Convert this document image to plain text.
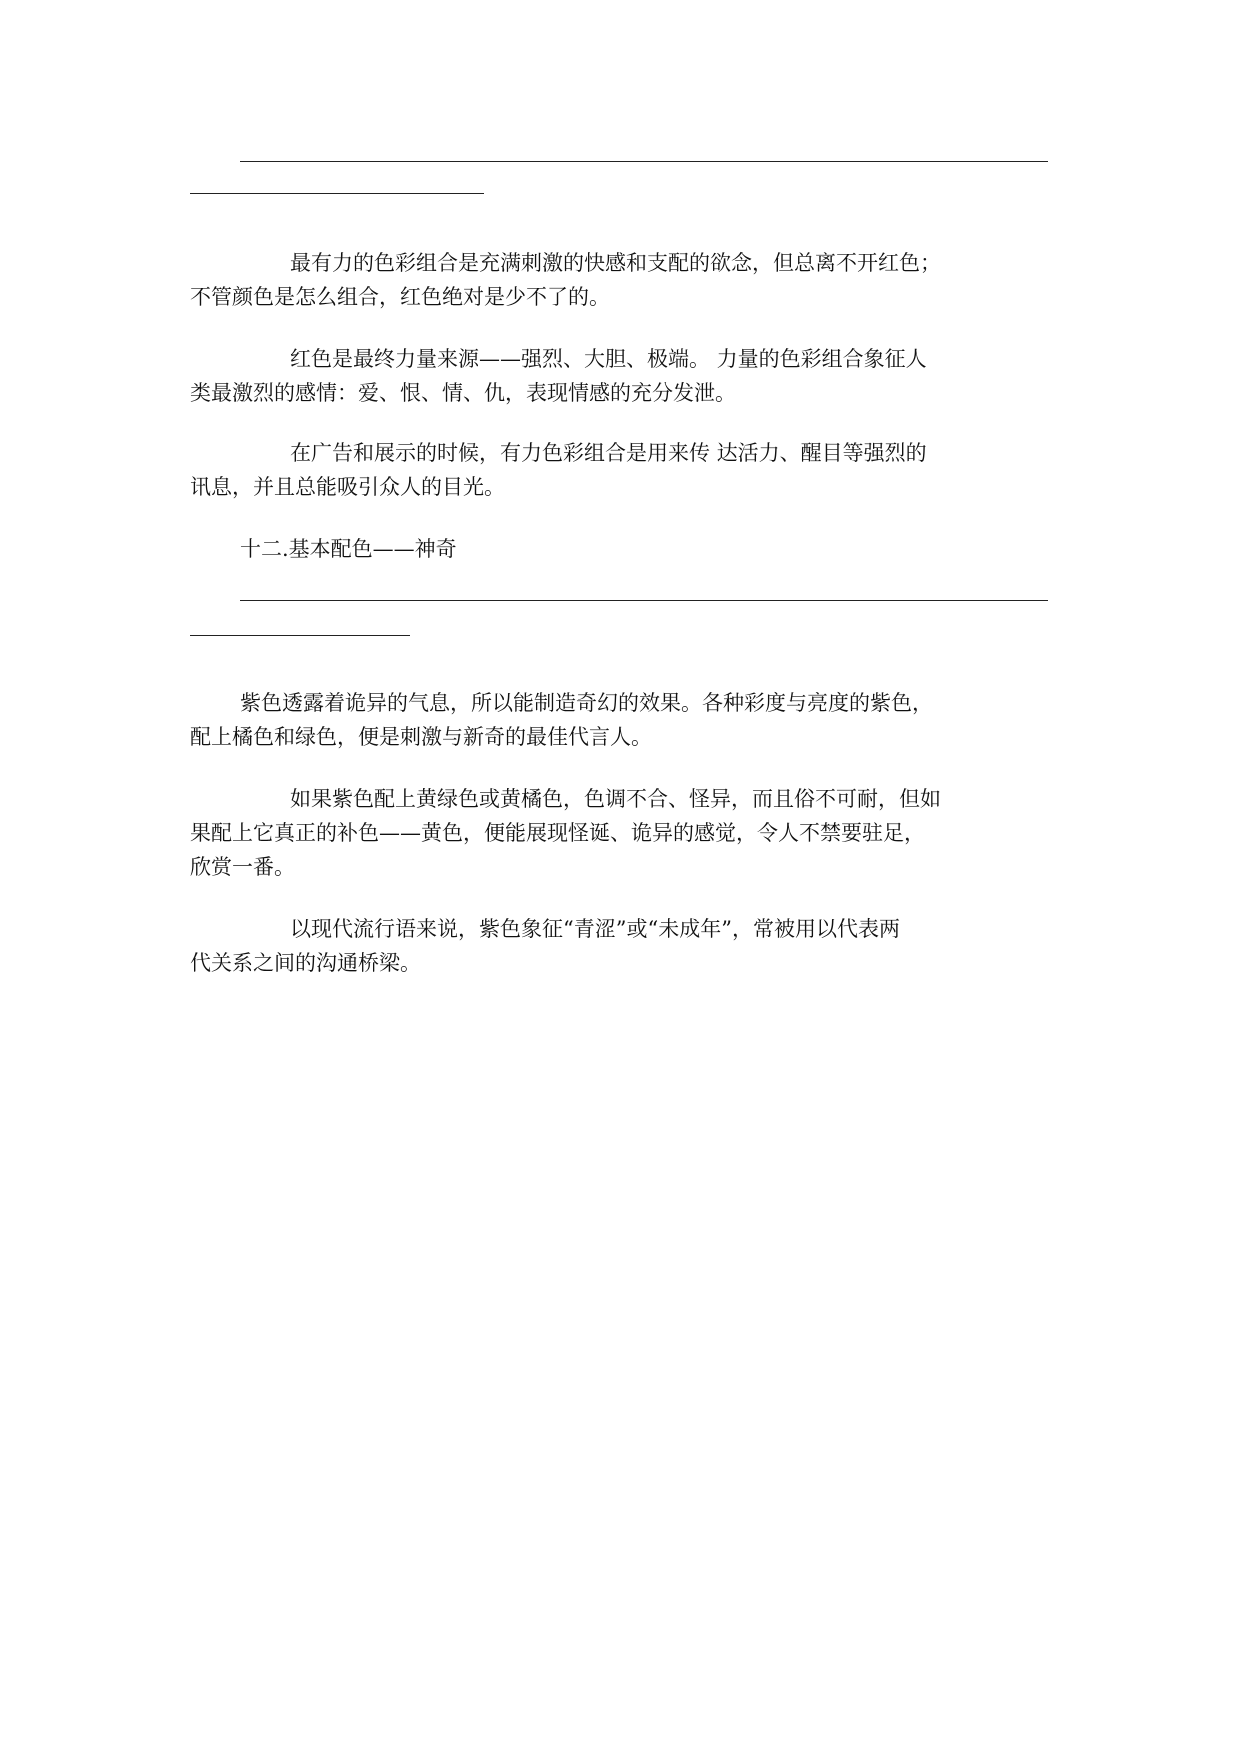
最有力的色彩组合是充满刺激的快感和支配的欲念，但总离不开红色；
不管颜色是怎么组合，红色绝对是少不了的。
红色是最终力量来源——强烈、大胆、极端。 力量的色彩组合象征人
类最激烈的感情：爱、恨、情、仇，表现情感的充分发泄。
在广告和展示的时候，有力色彩组合是用来传 达活力、醒目等强烈的
讯息，并且总能吸引众人的目光。
十二.基本配色——神奇
紫色透露着诡异的气息，所以能制造奇幻的效果。各种彩度与亮度的紫色，
配上橘色和绿色，便是刺激与新奇的最佳代言人。
如果紫色配上黄绿色或黄橘色，色调不合、怪异，而且俗不可耐，但如
果配上它真正的补色——黄色，便能展现怪诞、诡异的感觉，令人不禁要驻足，
欣赏一番。
以现代流行语来说，紫色象征“青涩”或“未成年”，常被用以代表两
代关系之间的沟通桥梁。
